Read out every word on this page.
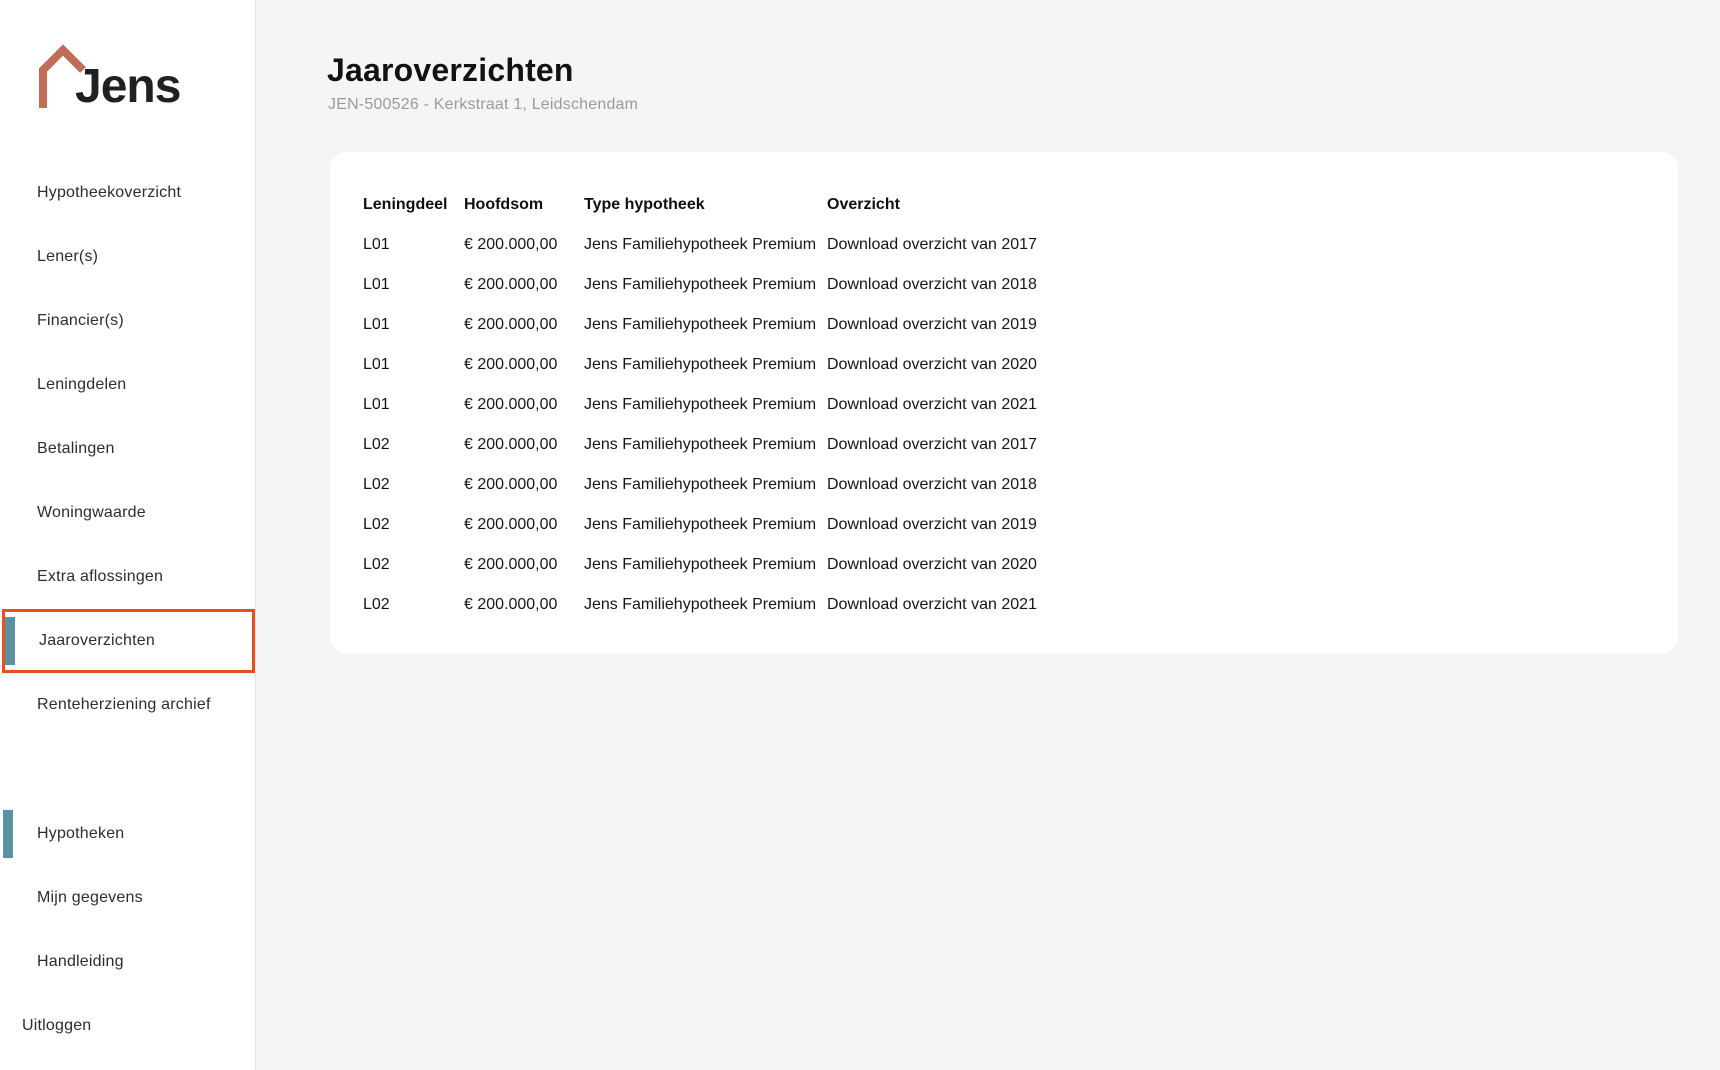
Jens
Hypotheekoverzicht
Lener(s)
Financier(s)
Leningdelen
Betalingen
Woningwaarde
Extra aflossingen
Jaaroverzichten
Renteherziening archief
Hypotheken
Mijn gegevens
Handleiding
Uitloggen
Jaaroverzichten
JEN-500526 - Kerkstraat 1, Leidschendam
Leningdeel	Hoofdsom	Type hypotheek	Overzicht
L01	€ 200.000,00	Jens Familiehypotheek Premium Download overzicht van 2017
L01	€ 200.000,00	Jens Familiehypotheek Premium Download overzicht van 2018
L01	€ 200.000,00	Jens Familiehypotheek Premium Download overzicht van 2019
L01	€ 200.000,00	Jens Familiehypotheek Premium Download overzicht van 2020
L01	€ 200.000,00	Jens Familiehypotheek Premium Download overzicht van 2021
L02	€ 200.000,00	Jens Familiehypotheek Premium Download overzicht van 2017
L02	€ 200.000,00	Jens Familiehypotheek Premium Download overzicht van 2018
L02	€ 200.000,00	Jens Familiehypotheek Premium Download overzicht van 2019
L02	€ 200.000,00	Jens Familiehypotheek Premium Download overzicht van 2020
L02	€ 200.000,00	Jens Familiehypotheek Premium Download overzicht van 2021
